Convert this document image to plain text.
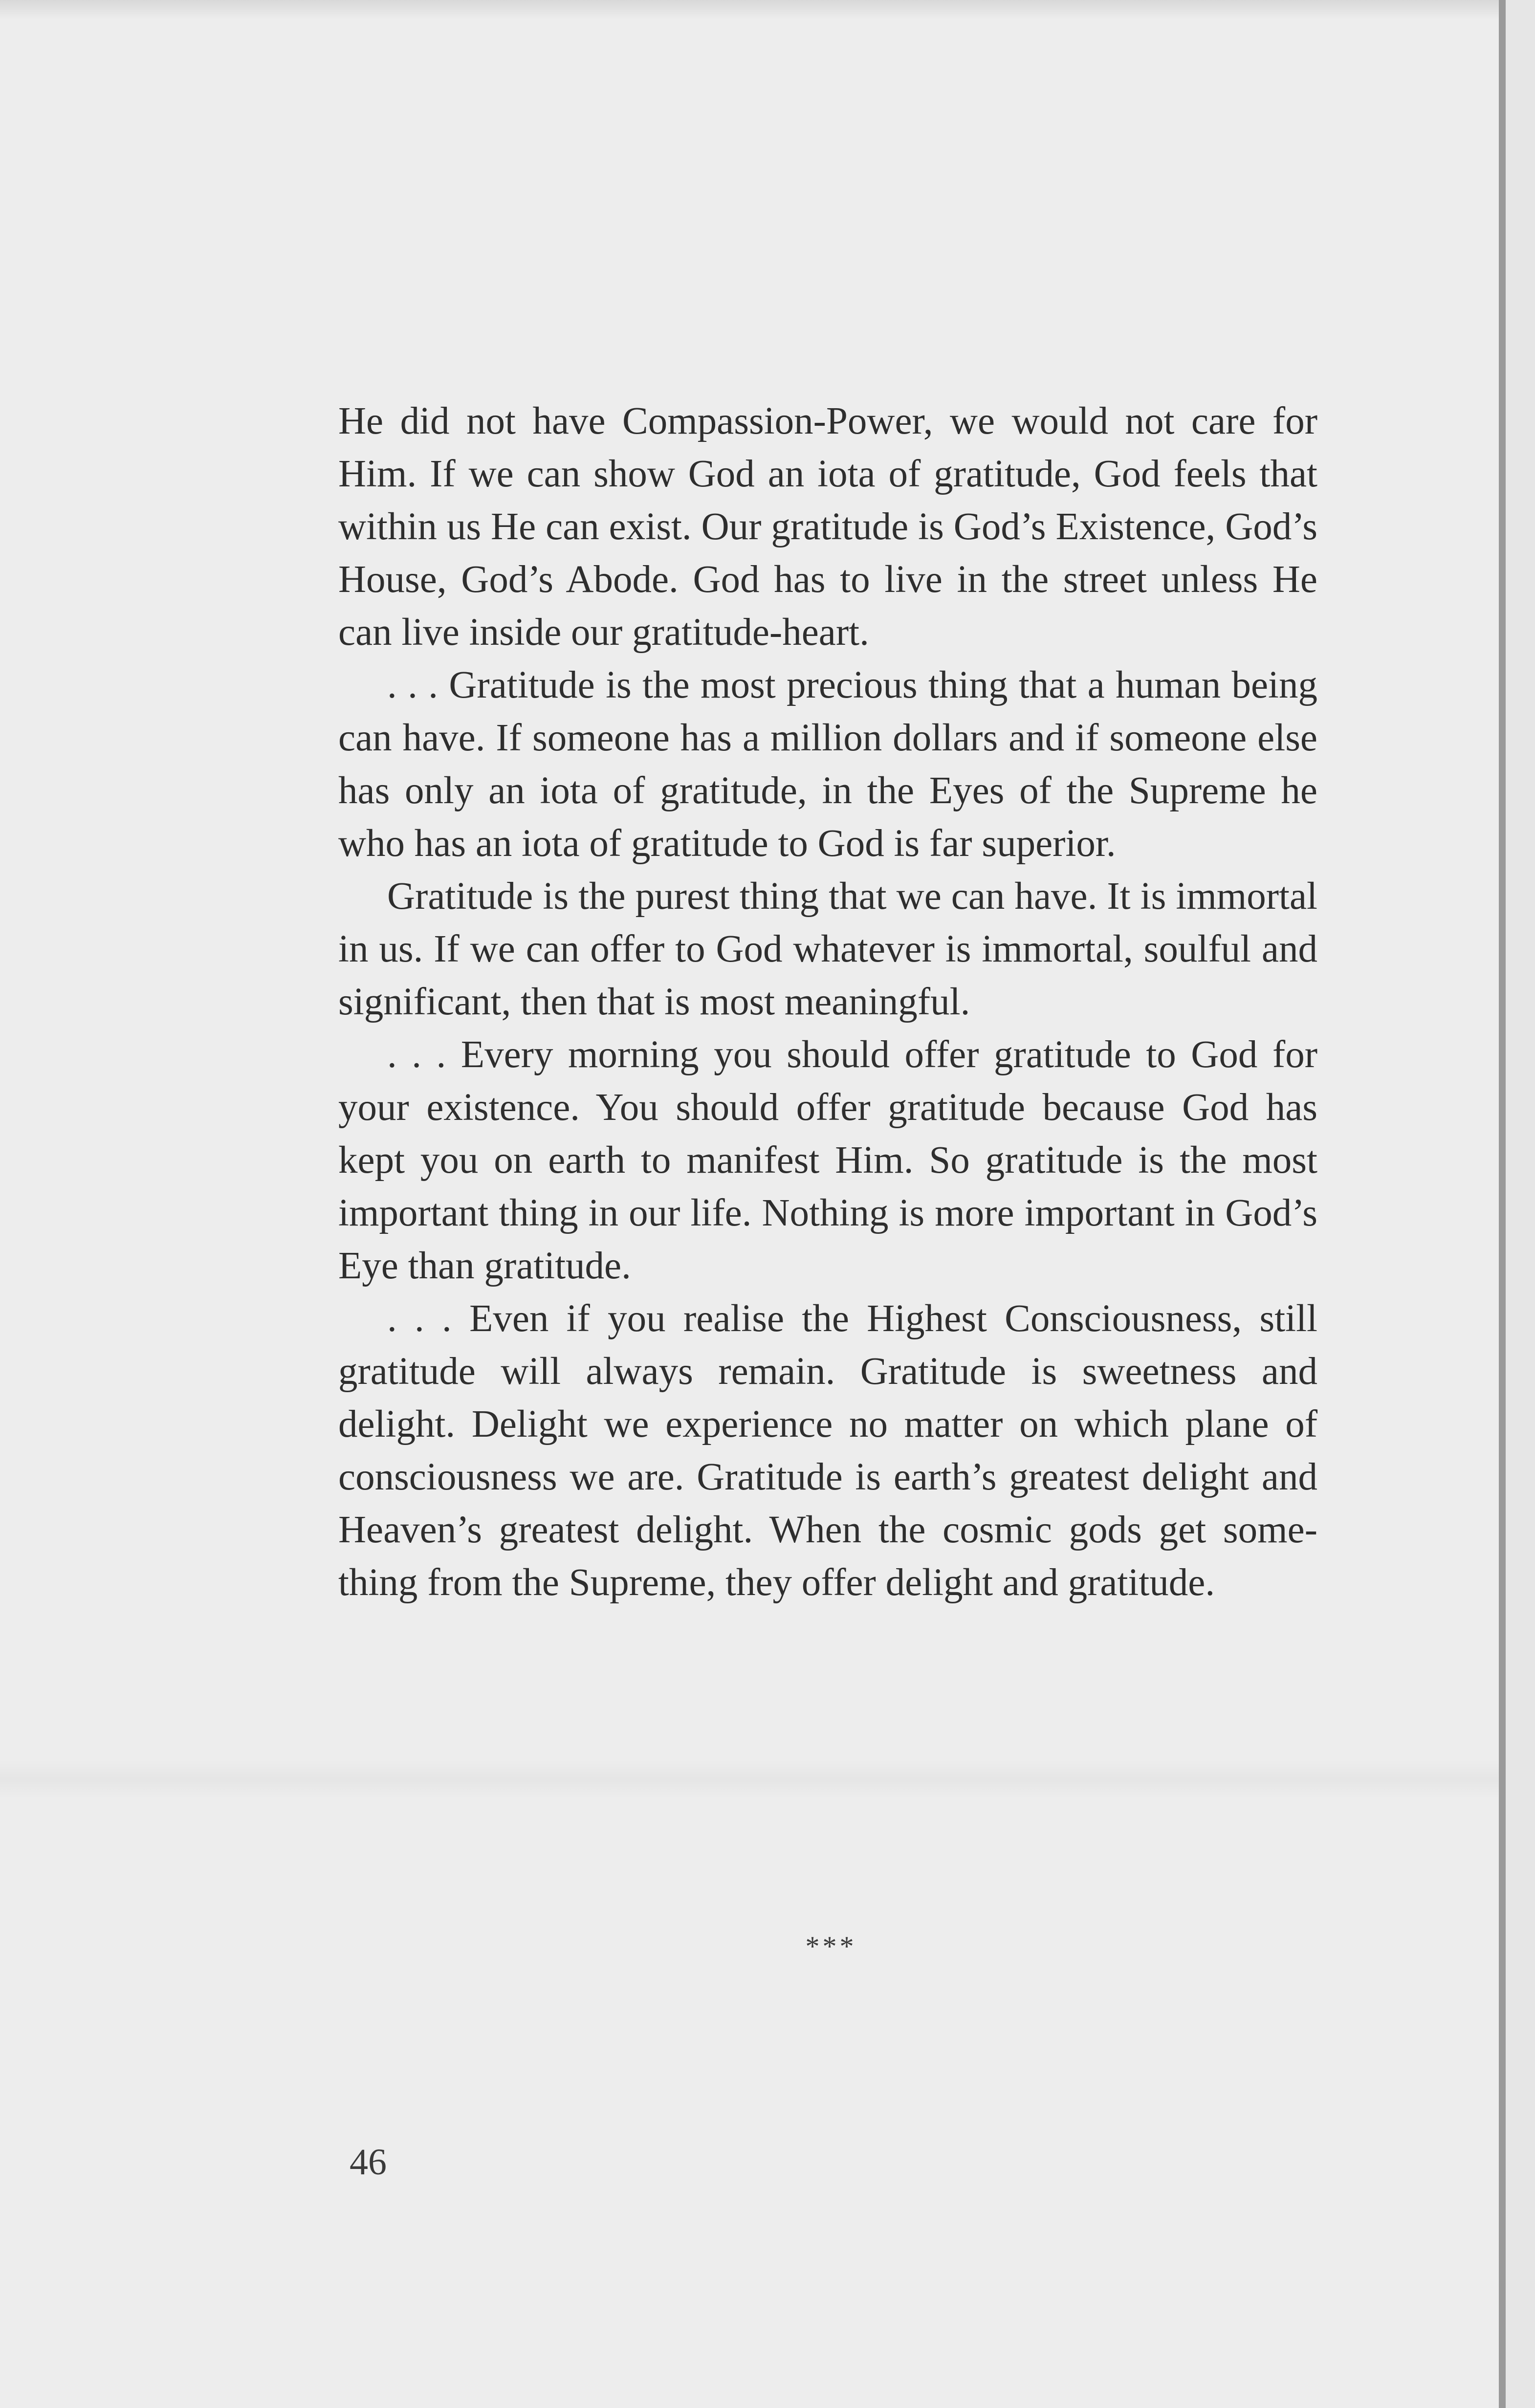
He did not have Compassion-Power, we would not care for Him. If we can show God an iota of gratitude, God feels that within us He can exist. Our gratitude is God’s Existence, God’s House, God’s Abode. God has to live in the street unless He can live inside our gratitude-heart.

. . . Gratitude is the most precious thing that a human being can have. If someone has a million dollars and if someone else has only an iota of gratitude, in the Eyes of the Supreme he who has an iota of gratitude to God is far superior.

Gratitude is the purest thing that we can have. It is immortal in us. If we can offer to God whatever is immortal, soulful and significant, then that is most meaningful.

. . . Every morning you should offer gratitude to God for your existence. You should offer gratitude because God has kept you on earth to manifest Him. So gratitude is the most important thing in our life. Nothing is more important in God’s Eye than gratitude.

. . . Even if you realise the Highest Consciousness, still gratitude will always remain. Gratitude is sweetness and delight. Delight we experience no matter on which plane of consciousness we are. Gratitude is earth’s greatest delight and Heaven’s greatest delight. When the cosmic gods get something from the Supreme, they offer delight and gratitude.

***
46
